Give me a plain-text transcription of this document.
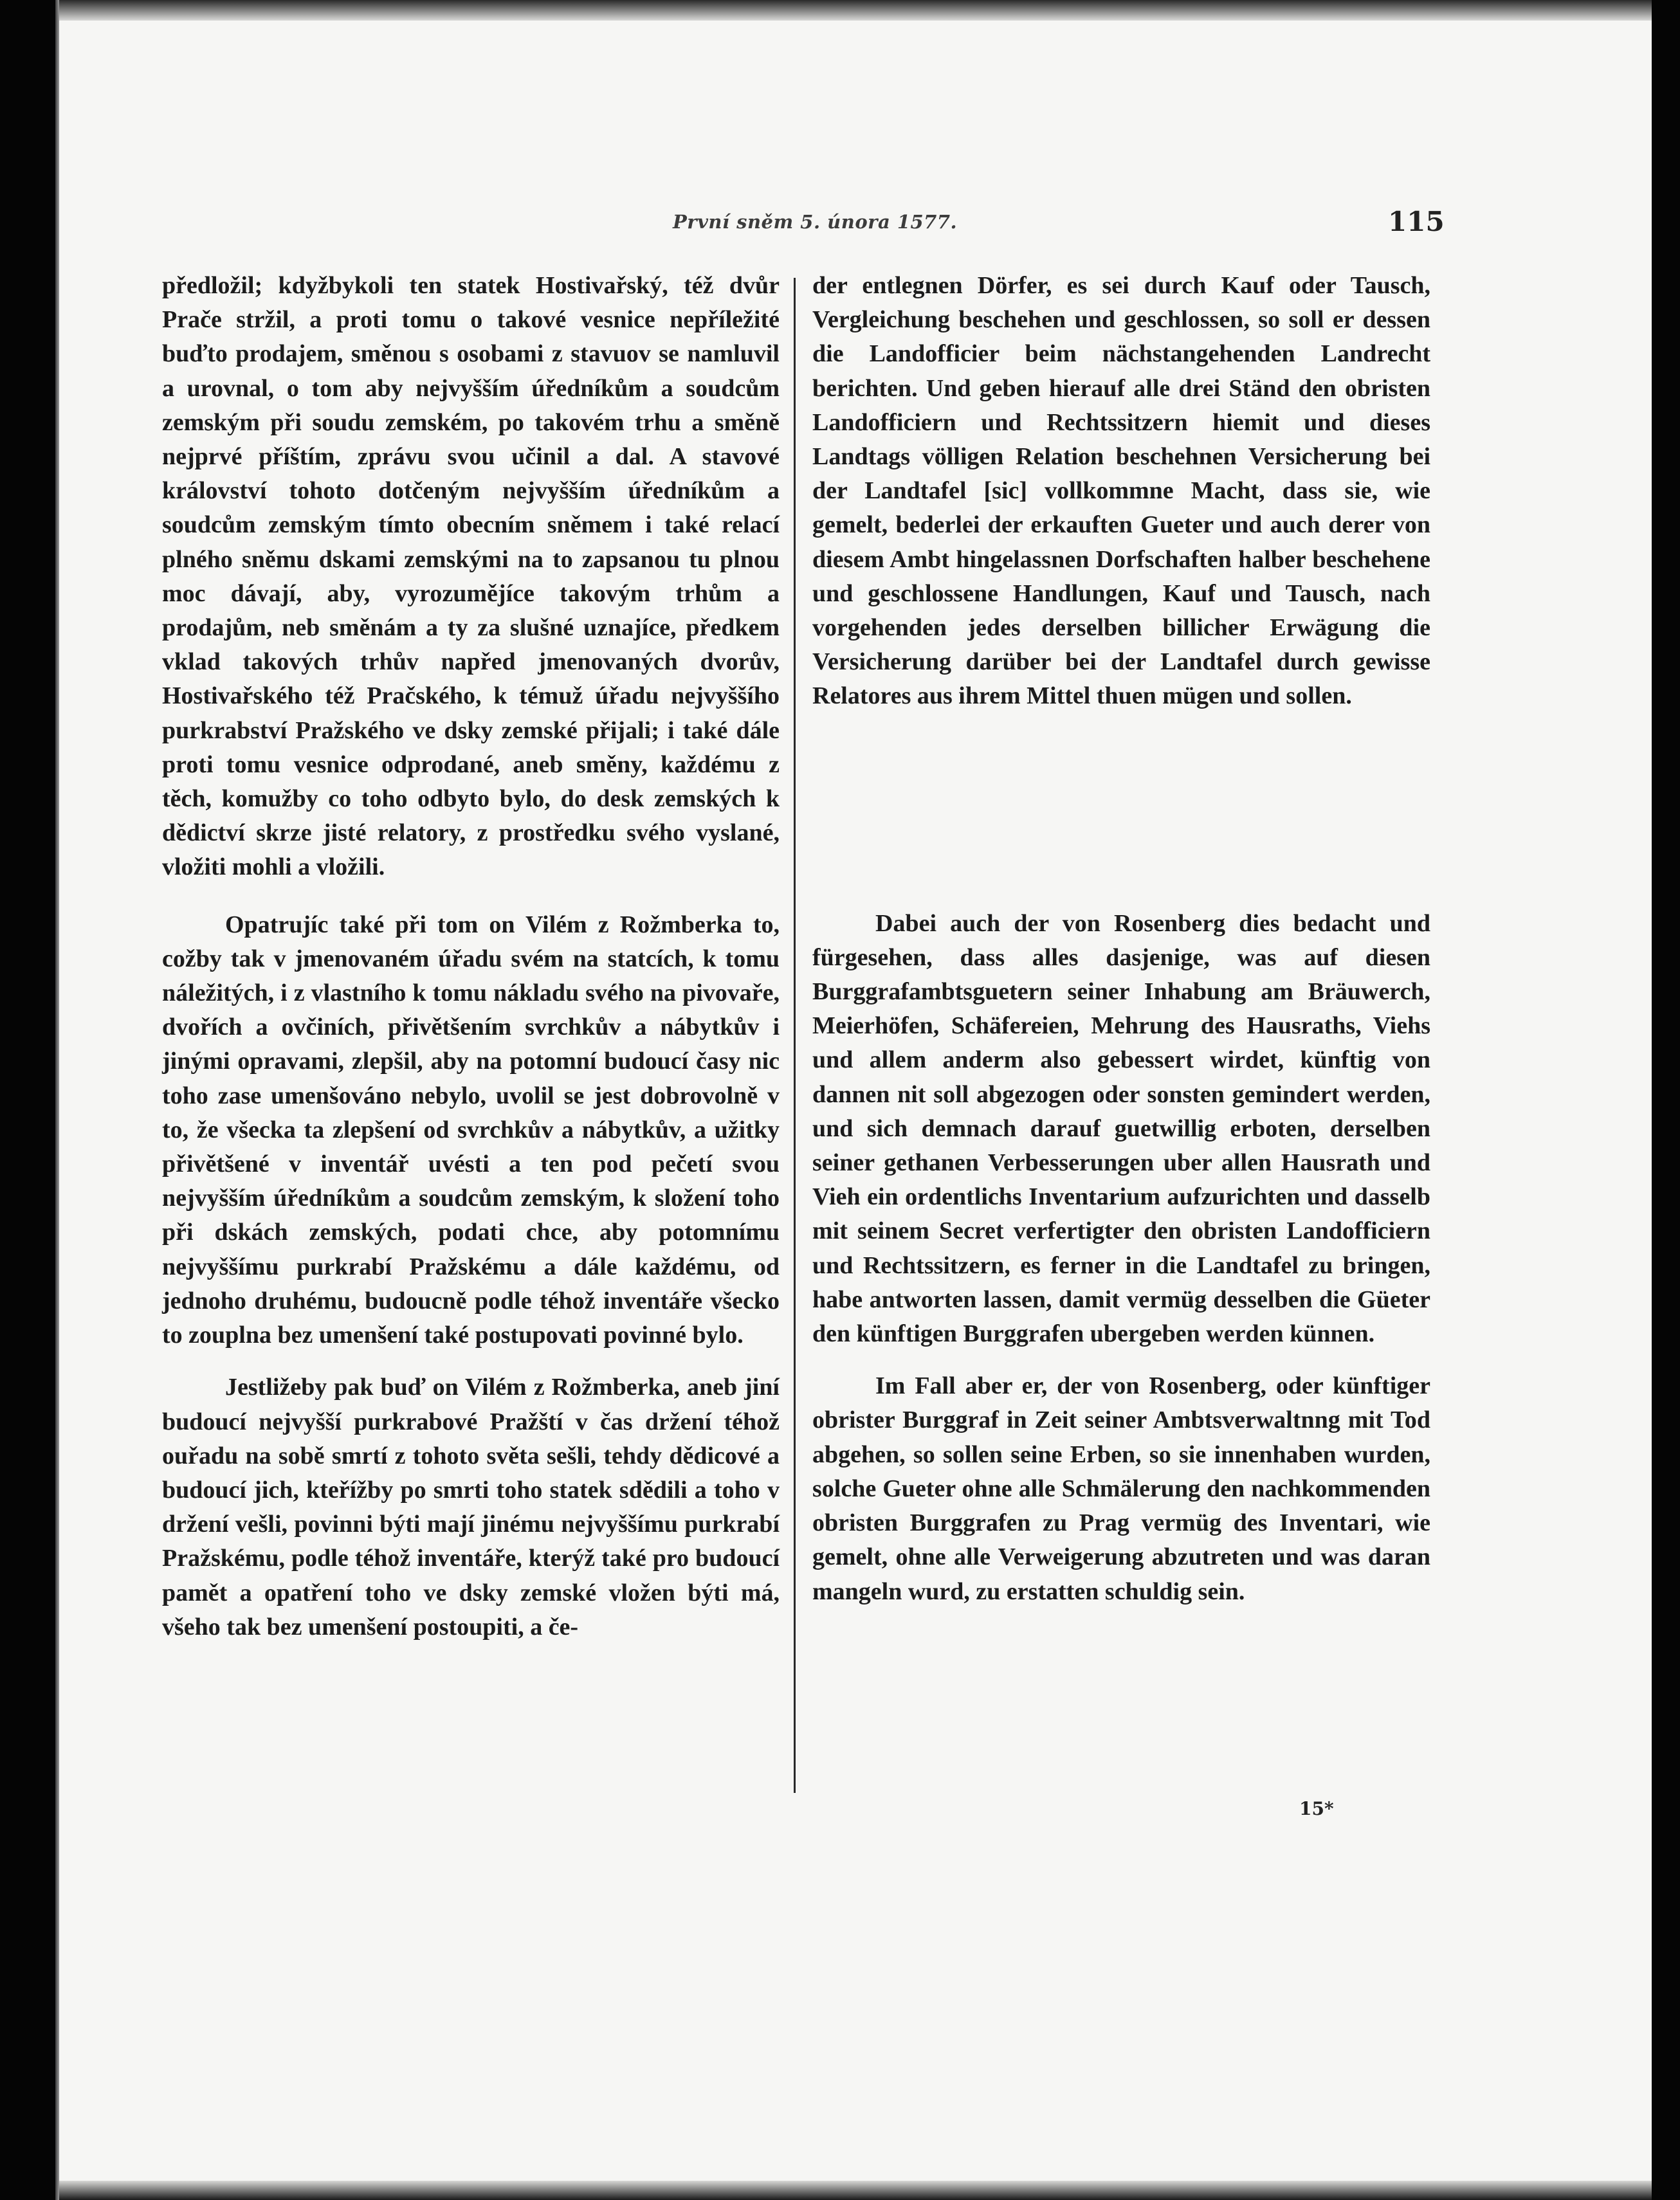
První sněm 5. února 1577.	115

předložil; kdyžbykoli ten statek Hostivařský, též dvůr Prače stržil, a proti tomu o takové vesnice nepříležité buďto prodajem, směnou s osobami z stavuov se namluvil a urovnal, o tom aby nejvyšším úředníkům a soudcům zemským při soudu zemském, po takovém trhu a směně nejprvé příštím, zprávu svou učinil a dal. A stavové království tohoto dotčeným nejvyšším úředníkům a soudcům zemským tímto obecním sněmem i také relací plného sněmu dskami zemskými na to zapsanou tu plnou moc dávají, aby, vyrozumějíce takovým trhům a prodajům, neb směnám a ty za slušné uznajíce, předkem vklad takových trhův napřed jmenovaných dvorův, Hostivařského též Pračského, k témuž úřadu nejvyššího purkrabství Pražského ve dsky zemské přijali; i také dále proti tomu vesnice odprodané, aneb směny, každému z těch, komužby co toho odbyto bylo, do desk zemských k dědictví skrze jisté relatory, z prostředku svého vyslané, vložiti mohli a vložili.

Opatrujíc také při tom on Vilém z Rožmberka to, cožby tak v jmenovaném úřadu svém na statcích, k tomu náležitých, i z vlastního k tomu nákladu svého na pivovaře, dvořích a ovčiních, přivětšením svrchkův a nábytkův i jinými opravami, zlepšil, aby na potomní budoucí časy nic toho zase umenšováno nebylo, uvolil se jest dobrovolně v to, že všecka ta zlepšení od svrchkův a nábytkův, a užitky přivětšené v inventář uvésti a ten pod pečetí svou nejvyšším úředníkům a soudcům zemským, k složení toho při dskách zemských, podati chce, aby potomnímu nejvyššímu purkrabí Pražskému a dále každému, od jednoho druhému, budoucně podle téhož inventáře všecko to zouplna bez umenšení také postupovati povinné bylo.

Jestližeby pak buď on Vilém z Rožmberka, aneb jiní budoucí nejvyšší purkrabové Pražští v čas držení téhož ouřadu na sobě smrtí z tohoto světa sešli, tehdy dědicové a budoucí jich, kteřížby po smrti toho statek sdědili a toho v držení vešli, povinni býti mají jinému nejvyššímu purkrabí Pražskému, podle téhož inventáře, kterýž také pro budoucí pamět a opatření toho ve dsky zemské vložen býti má, všeho tak bez umenšení postoupiti, a če-

der entlegnen Dörfer, es sei durch Kauf oder Tausch, Vergleichung beschehen und geschlossen, so soll er dessen die Landofficier beim nächstangehenden Landrecht berichten. Und geben hierauf alle drei Ständ den obristen Landofficiern und Rechtssitzern hiemit und dieses Landtags völligen Relation beschehnen Versicherung bei der Landtafel [sic] vollkommne Macht, dass sie, wie gemelt, bederlei der erkauften Gueter und auch derer von diesem Ambt hingelassnen Dorfschaften halber beschehene und geschlossene Handlungen, Kauf und Tausch, nach vorgehenden jedes derselben billicher Erwägung die Versicherung darüber bei der Landtafel durch gewisse Relatores aus ihrem Mittel thuen mügen und sollen.

Dabei auch der von Rosenberg dies bedacht und fürgesehen, dass alles dasjenige, was auf diesen Burggrafambtsguetern seiner Inhabung am Bräuwerch, Meierhöfen, Schäfereien, Mehrung des Hausraths, Viehs und allem anderm also gebessert wirdet, künftig von dannen nit soll abgezogen oder sonsten gemindert werden, und sich demnach darauf guetwillig erboten, derselben seiner gethanen Verbesserungen uber allen Hausrath und Vieh ein ordentlichs Inventarium aufzurichten und dasselb mit seinem Secret verfertigter den obristen Landofficiern und Rechtssitzern, es ferner in die Landtafel zu bringen, habe antworten lassen, damit vermüg desselben die Güeter den künftigen Burggrafen ubergeben werden künnen.

Im Fall aber er, der von Rosenberg, oder künftiger obrister Burggraf in Zeit seiner Ambtsverwaltnng mit Tod abgehen, so sollen seine Erben, so sie innenhaben wurden, solche Gueter ohne alle Schmälerung den nachkommenden obristen Burggrafen zu Prag vermüg des Inventari, wie gemelt, ohne alle Verweigerung abzutreten und was daran mangeln wurd, zu erstatten schuldig sein.

15*
